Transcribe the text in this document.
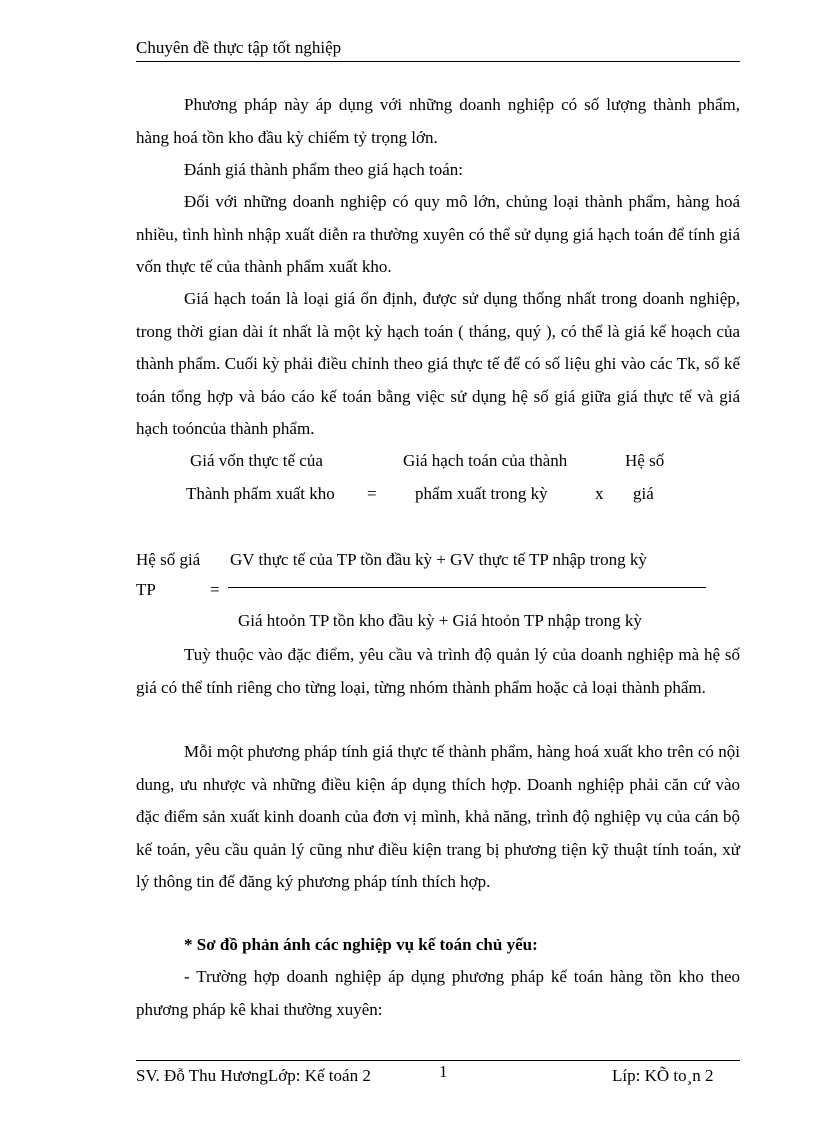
Chuyên đề thực tập tốt nghiệp

Phương pháp này áp dụng với những doanh nghiệp có số lượng thành phẩm, hàng hoá tồn kho đầu kỳ chiếm tỷ trọng lớn.

Đánh giá thành phẩm theo giá hạch toán:

Đối với những doanh nghiệp có quy mô lớn, chủng loại thành phẩm, hàng hoá nhiều, tình hình nhập xuất diễn ra thường xuyên có thể sử dụng giá hạch toán để tính giá vốn thực tế của thành phẩm xuất kho.

Giá hạch toán là loại giá ổn định, được sử dụng thống nhất trong doanh nghiệp, trong thời gian dài ít nhất là một kỳ hạch toán ( tháng, quý ), có thể là giá kế hoạch của thành phẩm. Cuối kỳ phải điều chỉnh theo giá thực tế để có số liệu ghi vào các Tk, sổ kế toán tổng hợp và báo cáo kế toán bằng việc sử dụng hệ số giá giữa giá thực tế và giá hạch toóncủa thành phẩm.

Giá vốn thực tế của
Thành phẩm xuất kho =
Giá hạch toán của thành
phẩm xuất trong kỳ	x
Hệ số
giá
Hệ số giá
TP	=
GV thực tế của TP tồn đầu kỳ + GV thực tế TP nhập trong kỳ
Giá htoỏn TP tồn kho đầu kỳ + Giá htoỏn TP nhập trong kỳ

Tuỳ thuộc vào đặc điểm, yêu cầu và trình độ quản lý của doanh nghiệp mà hệ số giá có thể tính riêng cho từng loại, từng nhóm thành phẩm hoặc cả loại thành phẩm.

Mỗi một phương pháp tính giá thực tế thành phẩm, hàng hoá xuất kho trên có nội dung, ưu nhược và những điều kiện áp dụng thích hợp. Doanh nghiệp phải căn cứ vào đặc điểm sản xuất kinh doanh của đơn vị mình, khả năng, trình độ nghiệp vụ của cán bộ kế toán, yêu cầu quản lý cũng như điều kiện trang bị phương tiện kỹ thuật tính toán, xử lý thông tin để đăng ký phương pháp tính thích hợp.

* Sơ đồ phản ánh các nghiệp vụ kế toán chủ yếu:

- Trường hợp doanh nghiệp áp dụng phương pháp kế toán hàng tồn kho theo phương pháp kê khai thường xuyên:

SV. Đỗ Thu HươngLớp: Kế toán 2	1	Líp: KÕ to¸n 2
